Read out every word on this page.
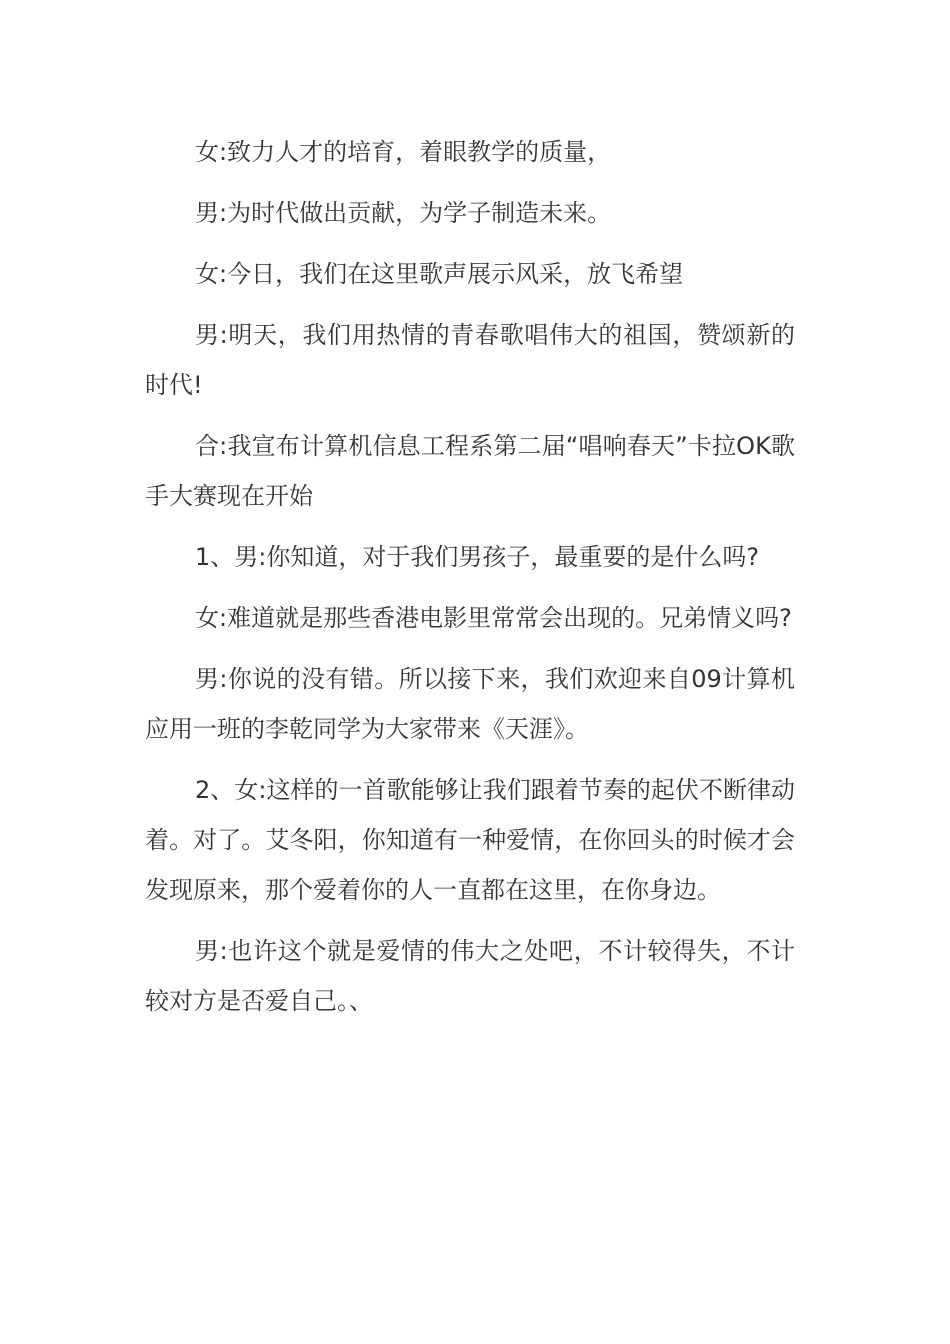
女:致力人才的培育，着眼教学的质量，

男:为时代做出贡献，为学子制造未来。

女:今日，我们在这里歌声展示风采，放飞希望

男:明天，我们用热情的青春歌唱伟大的祖国，赞颂新的时代!

合:我宣布计算机信息工程系第二届“唱响春天”卡拉OK歌手大赛现在开始

1、男:你知道，对于我们男孩子，最重要的是什么吗?

女:难道就是那些香港电影里常常会出现的。兄弟情义吗?

男:你说的没有错。所以接下来，我们欢迎来自09计算机应用一班的李乾同学为大家带来《天涯》。

2、女:这样的一首歌能够让我们跟着节奏的起伏不断律动着。对了。艾冬阳，你知道有一种爱情，在你回头的时候才会发现原来，那个爱着你的人一直都在这里，在你身边。

男:也许这个就是爱情的伟大之处吧，不计较得失，不计较对方是否爱自己。、
